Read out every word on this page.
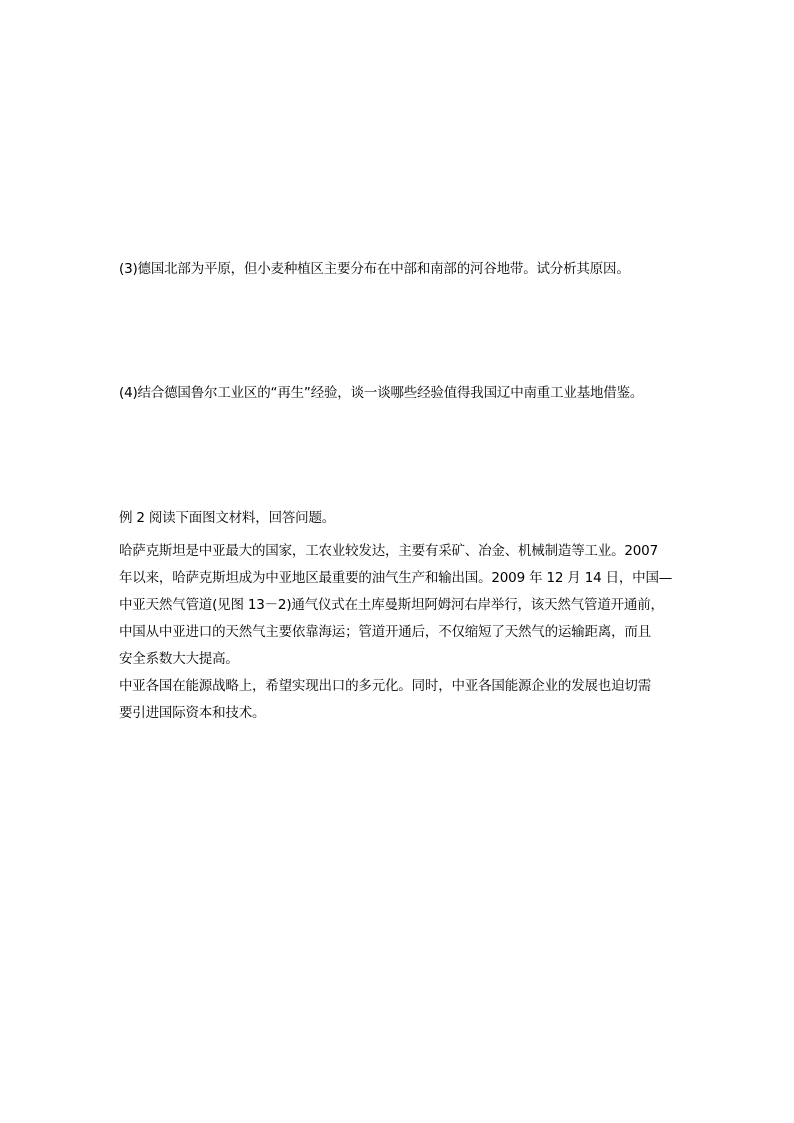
(3)德国北部为平原，但小麦种植区主要分布在中部和南部的河谷地带。试分析其原因。

(4)结合德国鲁尔工业区的“再生”经验，谈一谈哪些经验值得我国辽中南重工业基地借鉴。

例 2 阅读下面图文材料，回答问题。

哈萨克斯坦是中亚最大的国家，工农业较发达，主要有采矿、冶金、机械制造等工业。2007
年以来，哈萨克斯坦成为中亚地区最重要的油气生产和输出国。2009 年 12 月 14 日，中国—
中亚天然气管道(见图 13－2)通气仪式在土库曼斯坦阿姆河右岸举行，该天然气管道开通前，
中国从中亚进口的天然气主要依靠海运；管道开通后，不仅缩短了天然气的运输距离，而且
安全系数大大提高。
中亚各国在能源战略上，希望实现出口的多元化。同时，中亚各国能源企业的发展也迫切需
要引进国际资本和技术。
